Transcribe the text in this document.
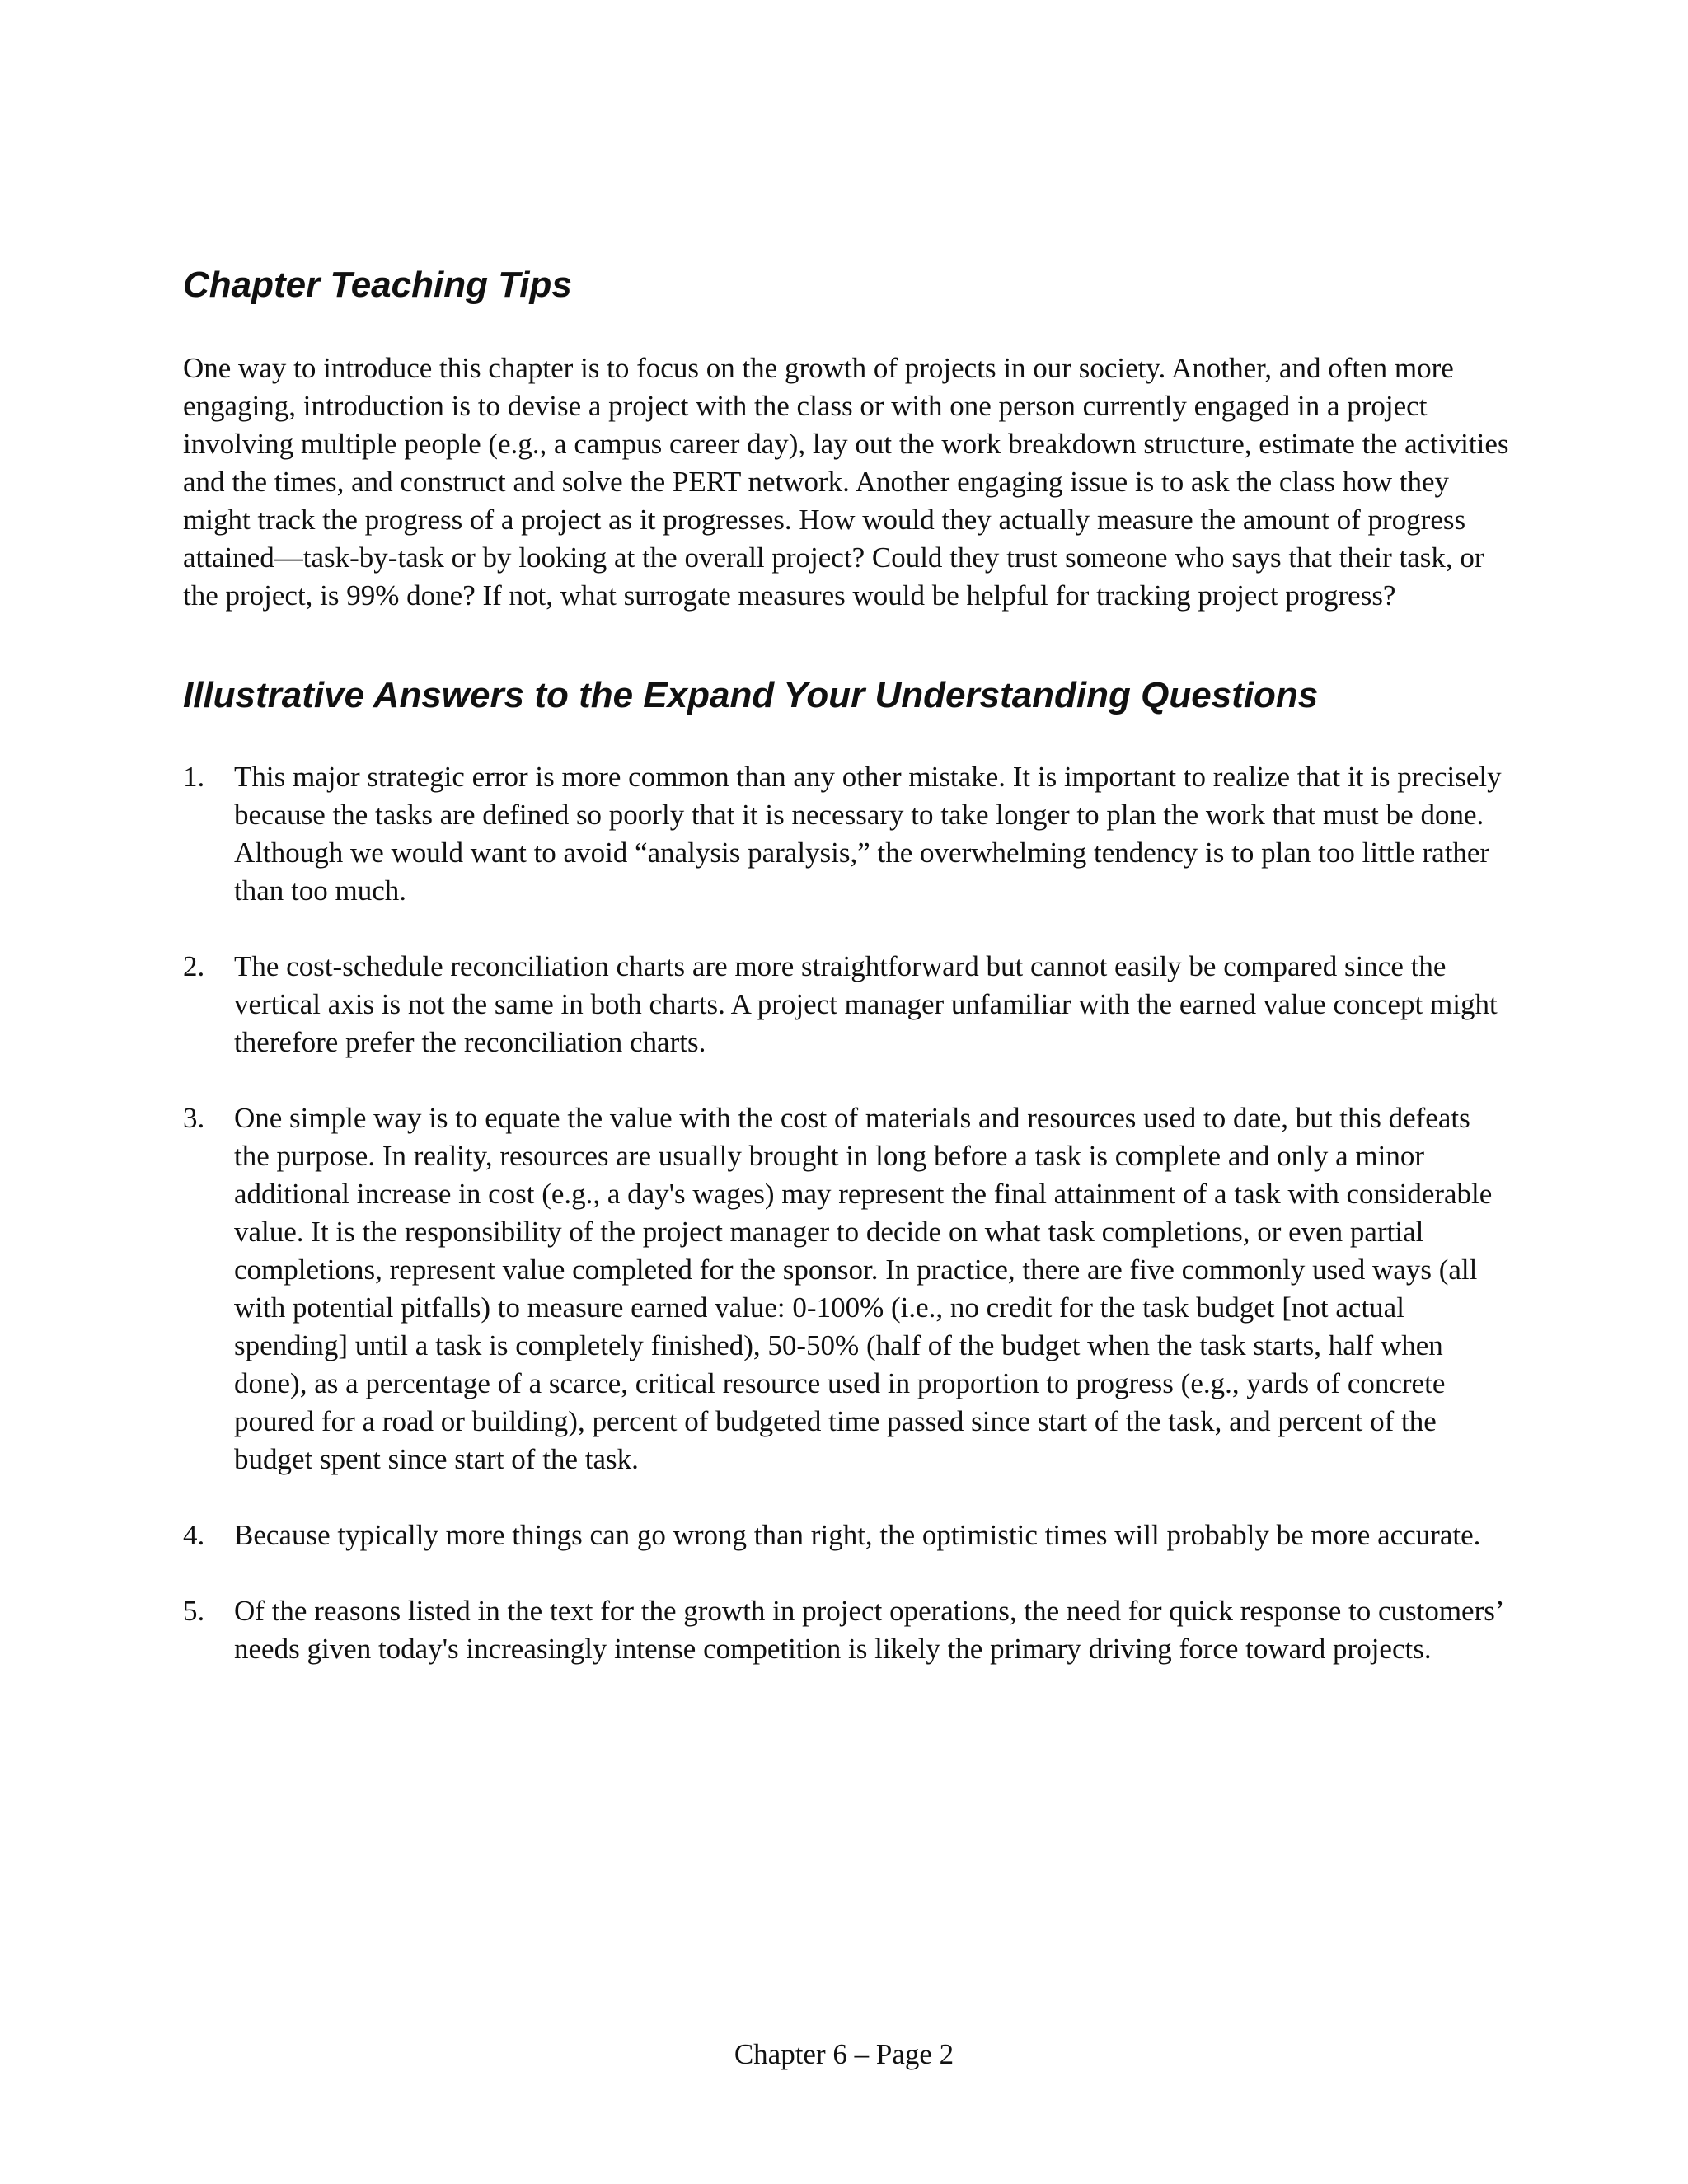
Chapter Teaching Tips

One way to introduce this chapter is to focus on the growth of projects in our society. Another, and often more engaging, introduction is to devise a project with the class or with one person currently engaged in a project involving multiple people (e.g., a campus career day), lay out the work breakdown structure, estimate the activities and the times, and construct and solve the PERT network. Another engaging issue is to ask the class how they might track the progress of a project as it progresses. How would they actually measure the amount of progress attained—task-by-task or by looking at the overall project? Could they trust someone who says that their task, or the project, is 99% done? If not, what surrogate measures would be helpful for tracking project progress?

Illustrative Answers to the Expand Your Understanding Questions
1.	This major strategic error is more common than any other mistake. It is important to realize that it is precisely because the tasks are defined so poorly that it is necessary to take longer to plan the work that must be done. Although we would want to avoid “analysis paralysis,” the overwhelming tendency is to plan too little rather than too much.
2.	The cost-schedule reconciliation charts are more straightforward but cannot easily be compared since the vertical axis is not the same in both charts. A project manager unfamiliar with the earned value concept might therefore prefer the reconciliation charts.
3.	One simple way is to equate the value with the cost of materials and resources used to date, but this defeats the purpose. In reality, resources are usually brought in long before a task is complete and only a minor additional increase in cost (e.g., a day's wages) may represent the final attainment of a task with considerable value. It is the responsibility of the project manager to decide on what task completions, or even partial completions, represent value completed for the sponsor. In practice, there are five commonly used ways (all with potential pitfalls) to measure earned value: 0-100% (i.e., no credit for the task budget [not actual spending] until a task is completely finished), 50-50% (half of the budget when the task starts, half when done), as a percentage of a scarce, critical resource used in proportion to progress (e.g., yards of concrete poured for a road or building), percent of budgeted time passed since start of the task, and percent of the budget spent since start of the task.
4.	Because typically more things can go wrong than right, the optimistic times will probably be more accurate.
5.	Of the reasons listed in the text for the growth in project operations, the need for quick response to customers’ needs given today's increasingly intense competition is likely the primary driving force toward projects.
Chapter 6 – Page 2
